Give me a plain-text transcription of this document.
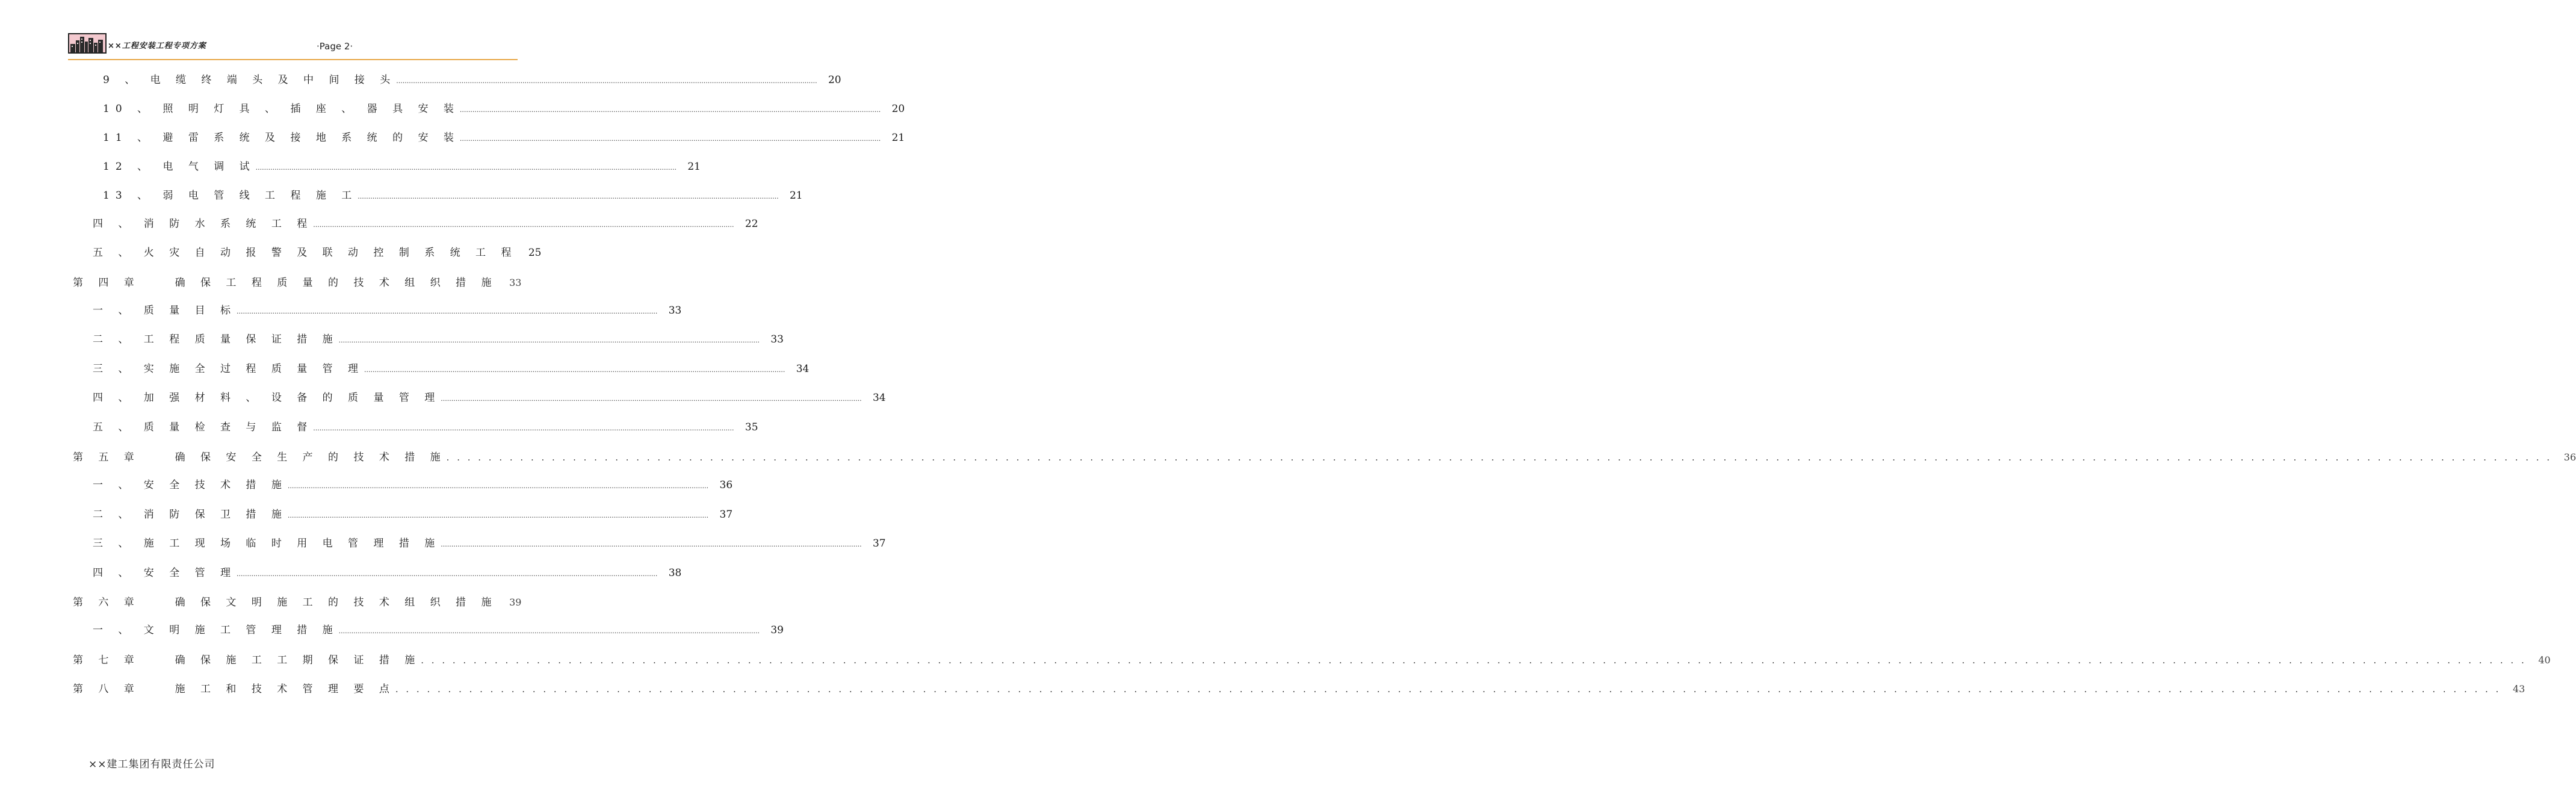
××工程安装工程专项方案	·Page 2·
9 、 电 缆 终 端 头 及 中 间 接 头 ........................................................................................................................................................................................................ 20
10 、 照 明 灯 具 、 插 座 、 器 具 安 装 ........................................................................................................................................................................................................ 20
11 、 避 雷 系 统 及 接 地 系 统 的 安 装 ........................................................................................................................................................................................................ 21
12 、 电 气 调 试 ........................................................................................................................................................................................................ 21
13 、 弱 电 管 线 工 程 施 工 ........................................................................................................................................................................................................ 21
四 、 消 防 水 系 统 工 程 ........................................................................................................................................................................................................ 22
五 、 火 灾 自 动 报 警 及 联 动 控 制 系 统 工 程 25
第 四 章 　 确 保 工 程 质 量 的 技 术 组 织 措 施	33
一 、 质 量 目 标 ........................................................................................................................................................................................................ 33
二 、 工 程 质 量 保 证 措 施 ........................................................................................................................................................................................................ 33
三 、 实 施 全 过 程 质 量 管 理 ........................................................................................................................................................................................................ 34
四 、 加 强 材 料 、 设 备 的 质 量 管 理 ........................................................................................................................................................................................................ 34
五 、 质 量 检 查 与 监 督 ........................................................................................................................................................................................................ 35
第 五 章 　 确 保 安 全 生 产 的 技 术 措 施 . . . . . . . . . . . . . . . . . . . . . . . . . . . . . . . . . . . . . . . . . . . . . . . . . . . . . . . . . . . . . . . . . . . . . . . . . . . . . . . . . . . . . . . . . . . . . . . . . . . . . . . . . . . . . . . . . . . . . . . . . . . . . . . . . . . . . . . . . . . . . . . . . . . . . . . . . . . . . . . . . . . . . . . . . . . . . . . . . . . . . . . . . . . . . . . . . . . . . . . .	36
一 、 安 全 技 术 措 施 ........................................................................................................................................................................................................ 36
二 、 消 防 保 卫 措 施 ........................................................................................................................................................................................................ 37
三 、 施 工 现 场 临 时 用 电 管 理 措 施 ........................................................................................................................................................................................................ 37
四 、 安 全 管 理 ........................................................................................................................................................................................................ 38
第 六 章 　 确 保 文 明 施 工 的 技 术 组 织 措 施	39
一 、 文 明 施 工 管 理 措 施 ........................................................................................................................................................................................................ 39
第 七 章 　 确 保 施 工 工 期 保 证 措 施 . . . . . . . . . . . . . . . . . . . . . . . . . . . . . . . . . . . . . . . . . . . . . . . . . . . . . . . . . . . . . . . . . . . . . . . . . . . . . . . . . . . . . . . . . . . . . . . . . . . . . . . . . . . . . . . . . . . . . . . . . . . . . . . . . . . . . . . . . . . . . . . . . . . . . . . . . . . . . . . . . . . . . . . . . . . . . . . . . . . . . . . . . . . . . . . . . . . . . . . .	40
第 八 章 　 施 工 和 技 术 管 理 要 点 . . . . . . . . . . . . . . . . . . . . . . . . . . . . . . . . . . . . . . . . . . . . . . . . . . . . . . . . . . . . . . . . . . . . . . . . . . . . . . . . . . . . . . . . . . . . . . . . . . . . . . . . . . . . . . . . . . . . . . . . . . . . . . . . . . . . . . . . . . . . . . . . . . . . . . . . . . . . . . . . . . . . . . . . . . . . . . . . . . . . . . . . . . . . . . . . . . . . . . . .	43
××建工集团有限责任公司
